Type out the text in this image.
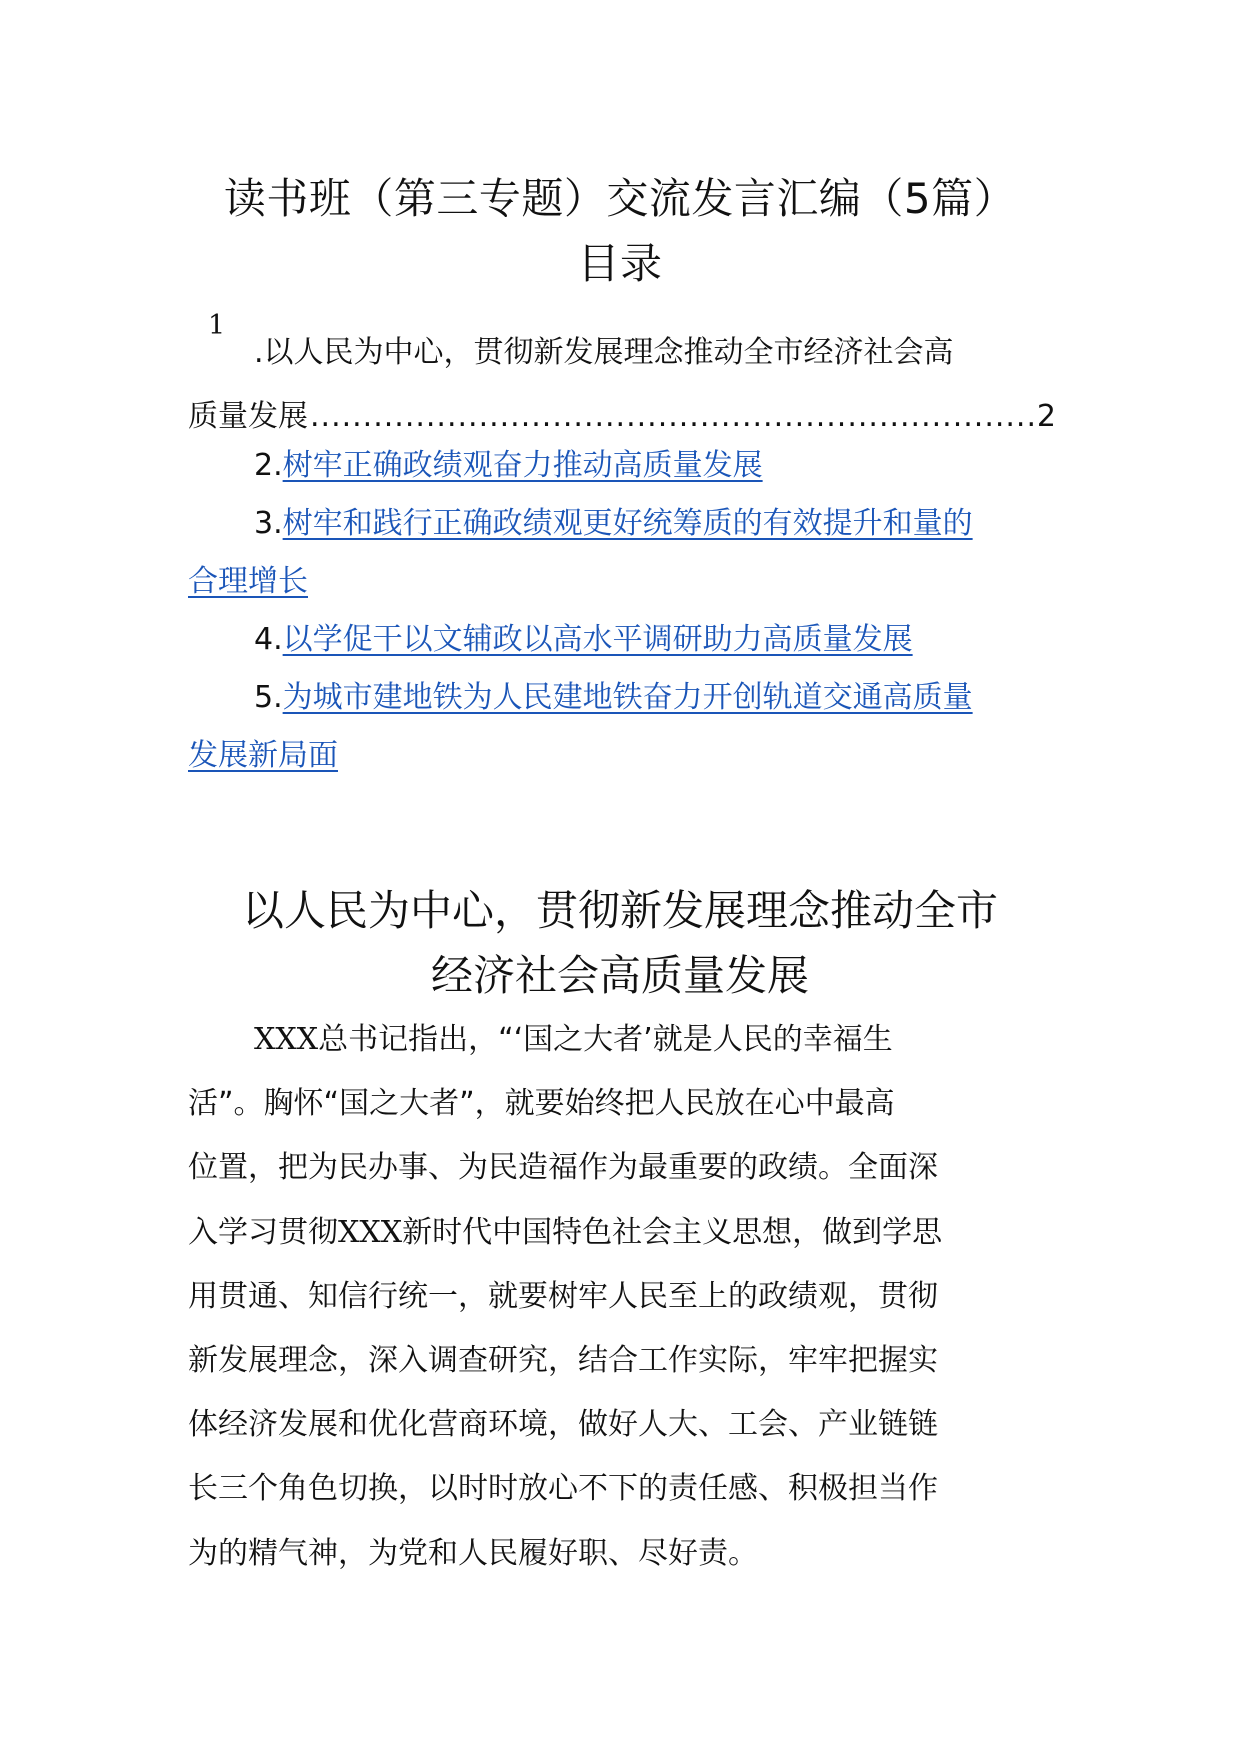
读书班（第三专题）交流发言汇编（5篇）
目录
1
.以人民为中心，贯彻新发展理念推动全市经济社会高
质量发展
.....	2
2.树牢正确政绩观奋力推动高质量发展
3.树牢和践行正确政绩观更好统筹质的有效提升和量的
合理增长
4.以学促干以文辅政以高水平调研助力高质量发展
5.为城市建地铁为人民建地铁奋力开创轨道交通高质量
发展新局面
以人民为中心，贯彻新发展理念推动全市
经济社会高质量发展
XXX总书记指出，“‘国之大者’就是人民的幸福生
活”。胸怀“国之大者”，就要始终把人民放在心中最高
位置，把为民办事、为民造福作为最重要的政绩。全面深
入学习贯彻XXX新时代中国特色社会主义思想，做到学思
用贯通、知信行统一，就要树牢人民至上的政绩观，贯彻
新发展理念，深入调查研究，结合工作实际，牢牢把握实
体经济发展和优化营商环境，做好人大、工会、产业链链
长三个角色切换，以时时放心不下的责任感、积极担当作
为的精气神，为党和人民履好职、尽好责。
